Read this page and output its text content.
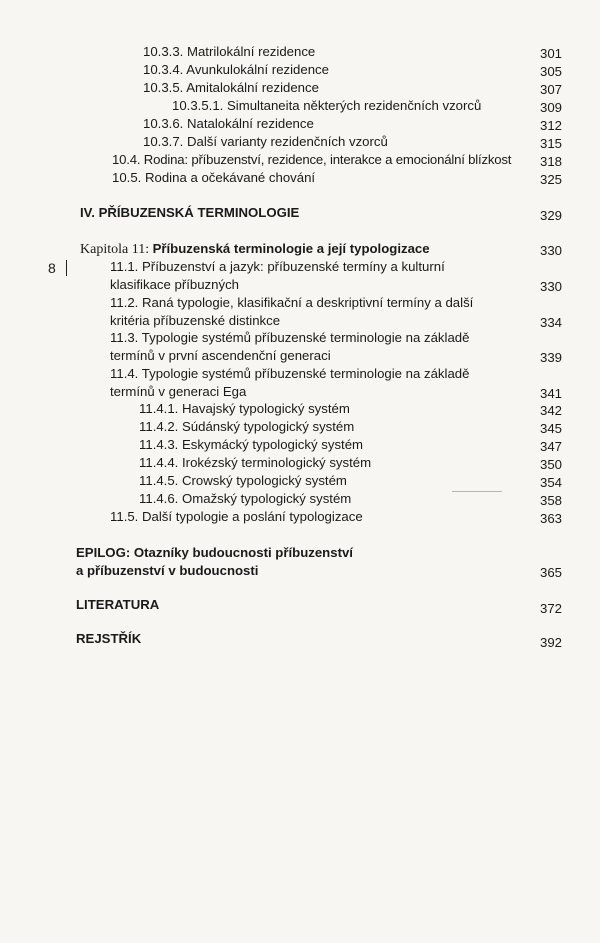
8
10.3.3. Matrilokální rezidence	301
10.3.4. Avunkulokální rezidence	305
10.3.5. Amitalokální rezidence	307
10.3.5.1. Simultaneita některých rezidenčních vzorců	309
10.3.6. Natalokální rezidence	312
10.3.7. Další varianty rezidenčních vzorců	315
10.4. Rodina: příbuzenství, rezidence, interakce a emocionální blízkost 318
10.5. Rodina a očekávané chování	325
IV. PŘÍBUZENSKÁ TERMINOLOGIE	329
Kapitola 11: Příbuzenská terminologie a její typologizace	330
11.1. Příbuzenství a jazyk: příbuzenské termíny a kulturní
klasifikace příbuzných	330
11.2. Raná typologie, klasifikační a deskriptivní termíny a další
kritéria příbuzenské distinkce	334
11.3. Typologie systémů příbuzenské terminologie na základě
termínů v první ascendenční generaci	339
11.4. Typologie systémů příbuzenské terminologie na základě
termínů v generaci Ega	341
11.4.1. Havajský typologický systém	342
11.4.2. Súdánský typologický systém	345
11.4.3. Eskymácký typologický systém	347
11.4.4. Irokézský terminologický systém	350
11.4.5. Crowský typologický systém	354
11.4.6. Omažský typologický systém	358
11.5. Další typologie a poslání typologizace	363
EPILOG: Otazníky budoucnosti příbuzenství
a příbuzenství v budoucnosti	365
LITERATURA	372
REJSTŘÍK	392
